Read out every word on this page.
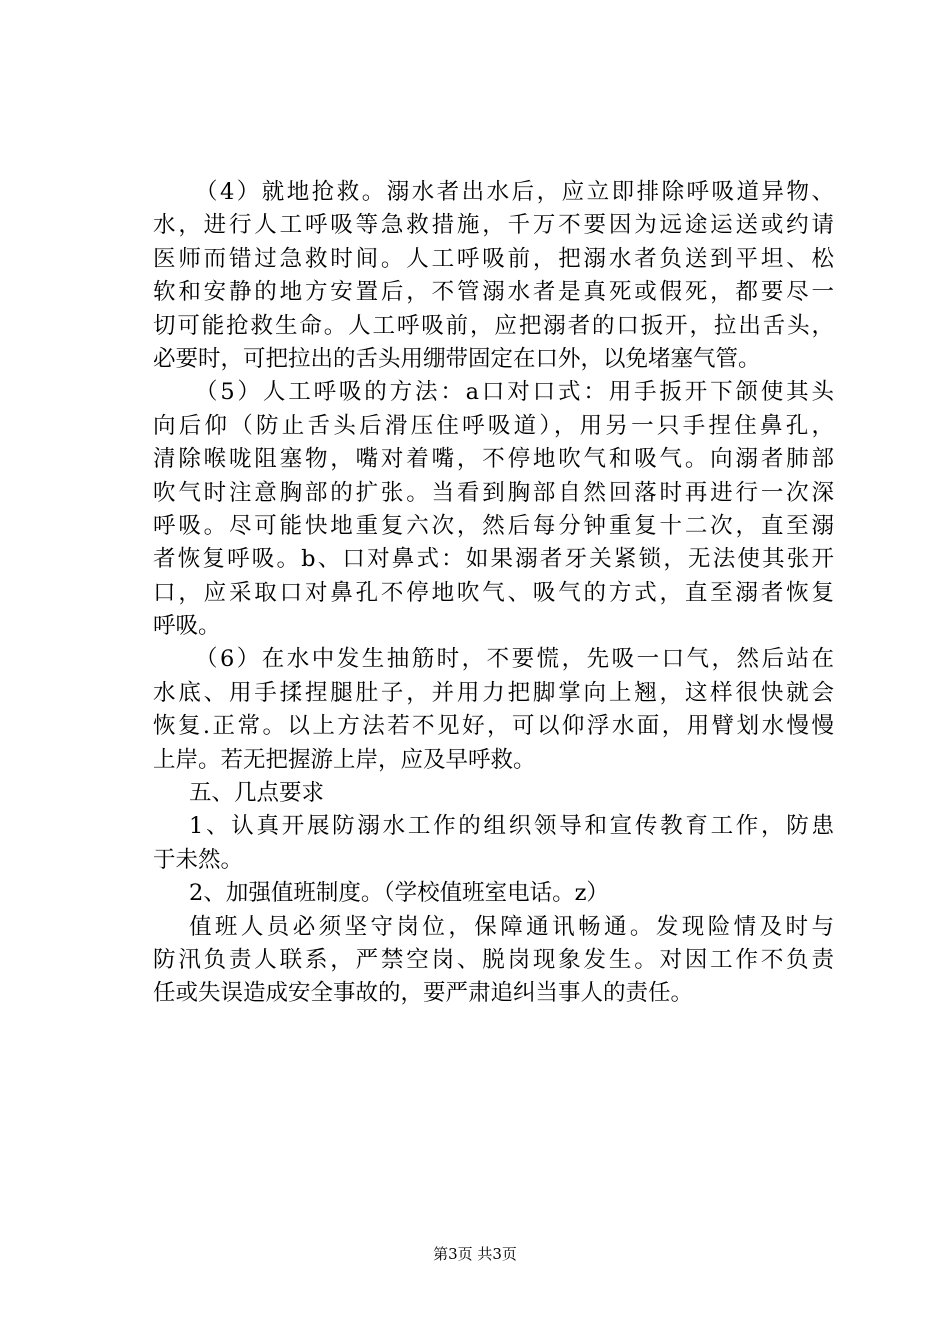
（4）就地抢救。溺水者出水后，应立即排除呼吸道异物、
水，进行人工呼吸等急救措施，千万不要因为远途运送或约请
医师而错过急救时间。人工呼吸前，把溺水者负送到平坦、松
软和安静的地方安置后，不管溺水者是真死或假死，都要尽一
切可能抢救生命。人工呼吸前，应把溺者的口扳开，拉出舌头，
必要时，可把拉出的舌头用绷带固定在口外，以免堵塞气管。
（5）人工呼吸的方法：a口对口式：用手扳开下颌使其头
向后仰（防止舌头后滑压住呼吸道），用另一只手捏住鼻孔，
清除喉咙阻塞物，嘴对着嘴，不停地吹气和吸气。向溺者肺部
吹气时注意胸部的扩张。当看到胸部自然回落时再进行一次深
呼吸。尽可能快地重复六次，然后每分钟重复十二次，直至溺
者恢复呼吸。b、口对鼻式：如果溺者牙关紧锁，无法使其张开
口，应采取口对鼻孔不停地吹气、吸气的方式，直至溺者恢复
呼吸。
（6）在水中发生抽筋时，不要慌，先吸一口气，然后站在
水底、用手揉捏腿肚子，并用力把脚掌向上翘，这样很快就会
恢复.正常。以上方法若不见好，可以仰浮水面，用臂划水慢慢
上岸。若无把握游上岸，应及早呼救。
五、几点要求
1、认真开展防溺水工作的组织领导和宣传教育工作，防患
于未然。
2、加强值班制度。（学校值班室电话。z）
值班人员必须坚守岗位，保障通讯畅通。发现险情及时与
防汛负责人联系，严禁空岗、脱岗现象发生。对因工作不负责
任或失误造成安全事故的，要严肃追纠当事人的责任。
第3页 共3页
